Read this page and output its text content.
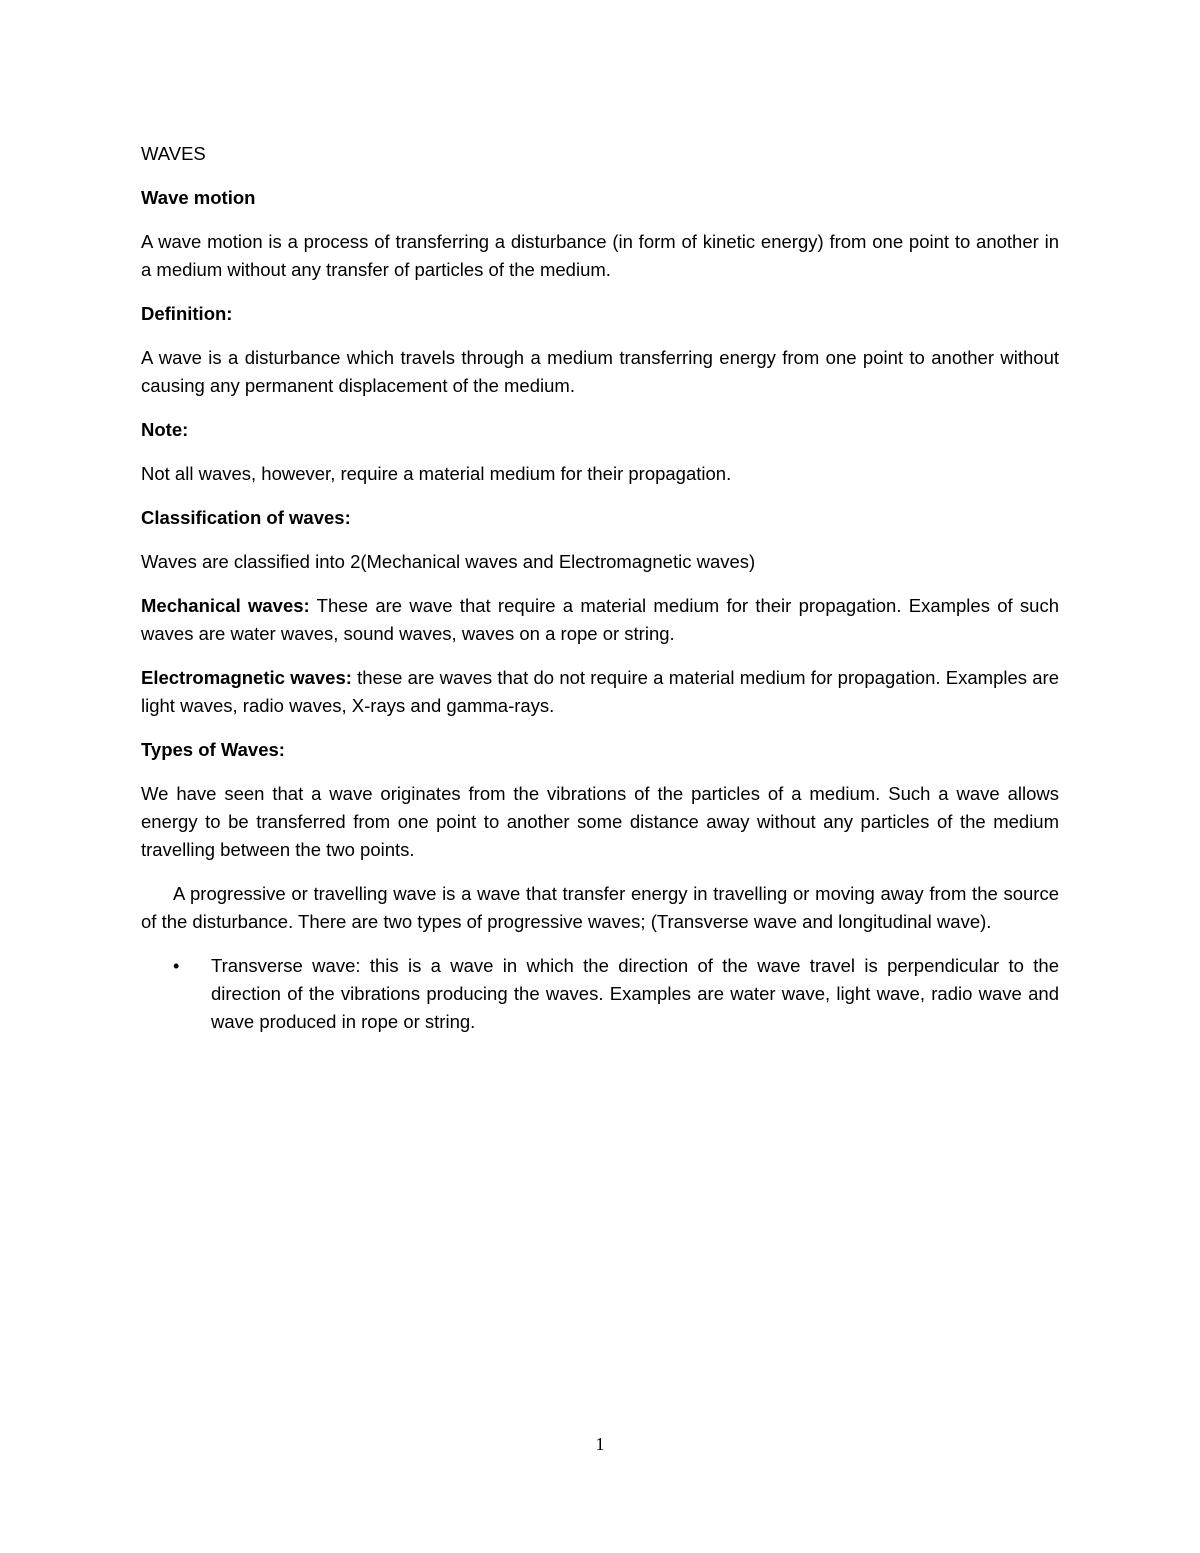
WAVES

Wave motion

A wave motion is a process of transferring a disturbance (in form of kinetic energy) from one point to another in a medium without any transfer of particles of the medium.

Definition:

A wave is a disturbance which travels through a medium transferring energy from one point to another without causing any permanent displacement of the medium.

Note:

Not all waves, however, require a material medium for their propagation.

Classification of waves:

Waves are classified into 2(Mechanical waves and Electromagnetic waves)

Mechanical waves: These are wave that require a material medium for their propagation. Examples of such waves are water waves, sound waves, waves on a rope or string.

Electromagnetic waves: these are waves that do not require a material medium for propagation. Examples are light waves, radio waves, X-rays and gamma-rays.

Types of Waves:

We have seen that a wave originates from the vibrations of the particles of a medium. Such a wave allows energy to be transferred from one point to another some distance away without any particles of the medium travelling between the two points.

A progressive or travelling wave is a wave that transfer energy in travelling or moving away from the source of the disturbance. There are two types of progressive waves; (Transverse wave and longitudinal wave).

• Transverse wave: this is a wave in which the direction of the wave travel is perpendicular to the direction of the vibrations producing the waves. Examples are water wave, light wave, radio wave and wave produced in rope or string.
1
